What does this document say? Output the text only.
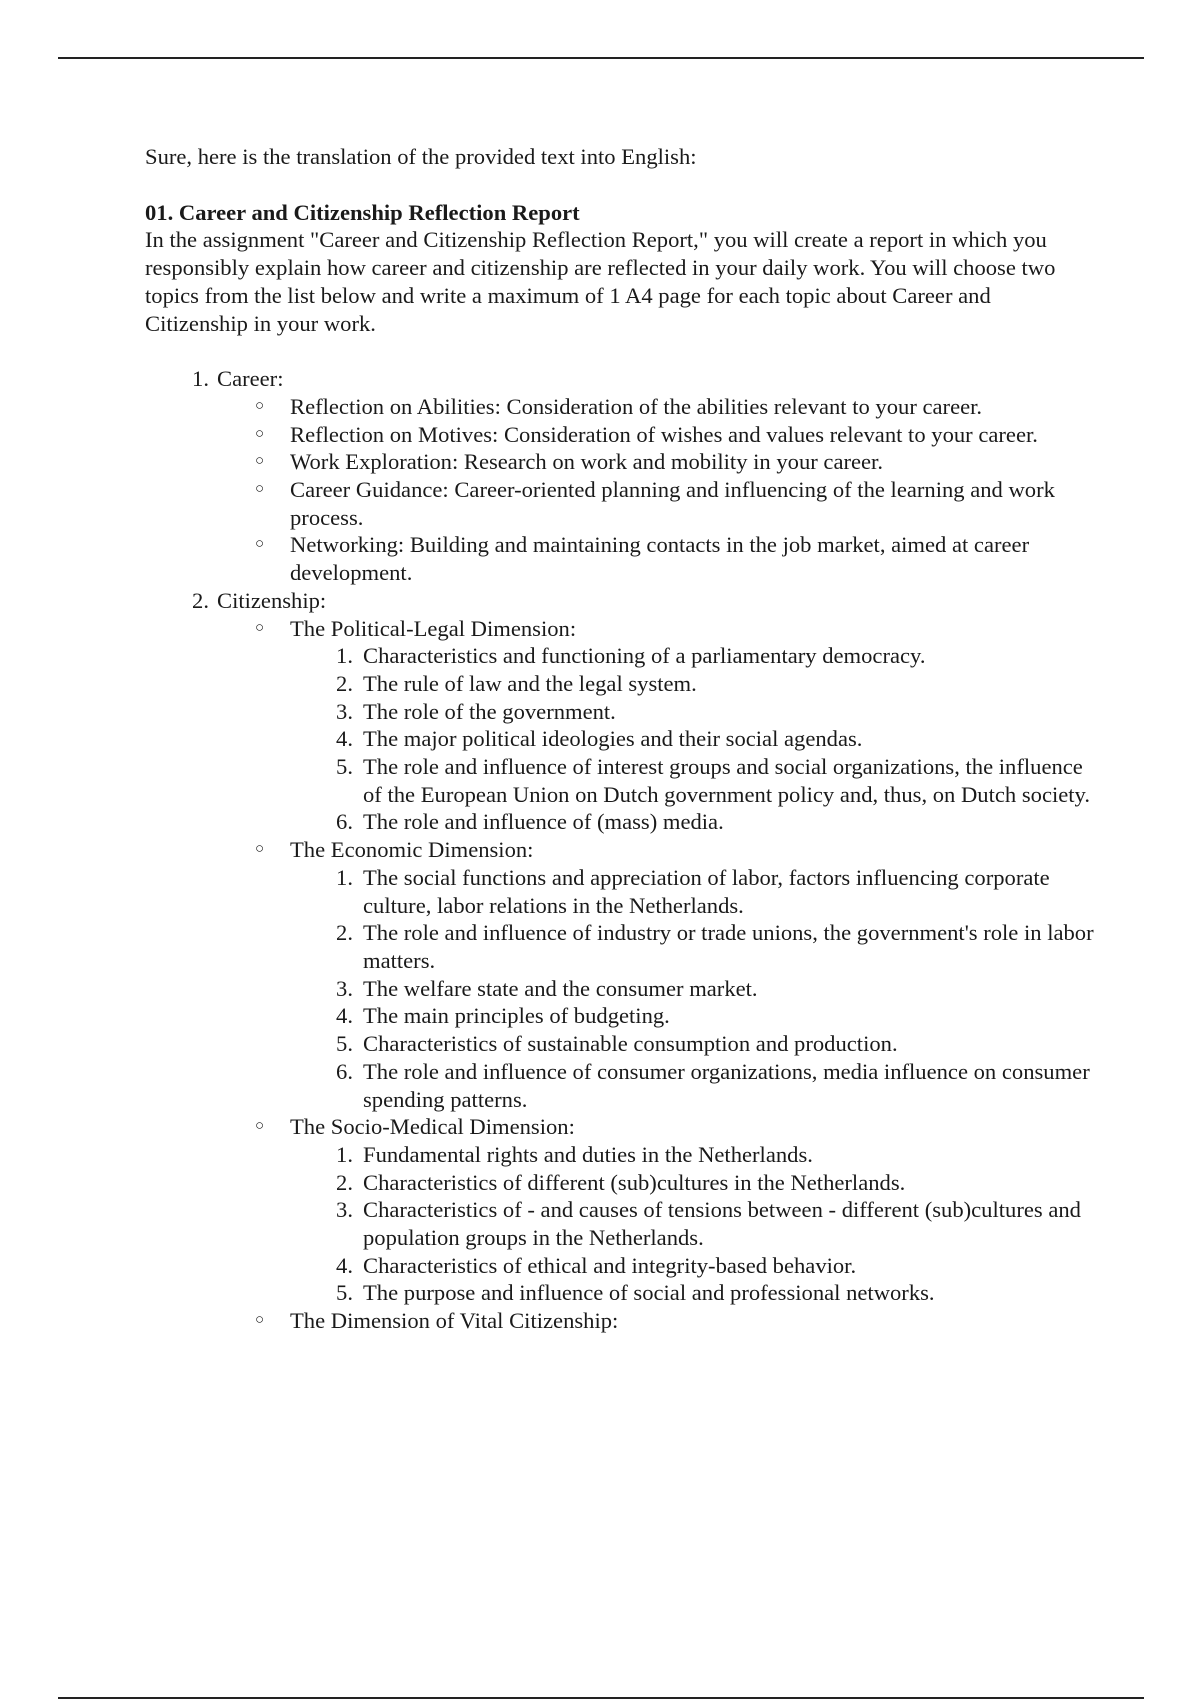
Sure, here is the translation of the provided text into English:

01. Career and Citizenship Reflection Report

In the assignment "Career and Citizenship Reflection Report," you will create a report in which you responsibly explain how career and citizenship are reflected in your daily work. You will choose two topics from the list below and write a maximum of 1 A4 page for each topic about Career and Citizenship in your work.

1. Career:
○ Reflection on Abilities: Consideration of the abilities relevant to your career.
○ Reflection on Motives: Consideration of wishes and values relevant to your career.
○ Work Exploration: Research on work and mobility in your career.
○ Career Guidance: Career-oriented planning and influencing of the learning and work process.
○ Networking: Building and maintaining contacts in the job market, aimed at career development.
2. Citizenship:
○ The Political-Legal Dimension:
1. Characteristics and functioning of a parliamentary democracy.
2. The rule of law and the legal system.
3. The role of the government.
4. The major political ideologies and their social agendas.
5. The role and influence of interest groups and social organizations, the influence of the European Union on Dutch government policy and, thus, on Dutch society.
6. The role and influence of (mass) media.
○ The Economic Dimension:
1. The social functions and appreciation of labor, factors influencing corporate culture, labor relations in the Netherlands.
2. The role and influence of industry or trade unions, the government's role in labor matters.
3. The welfare state and the consumer market.
4. The main principles of budgeting.
5. Characteristics of sustainable consumption and production.
6. The role and influence of consumer organizations, media influence on consumer spending patterns.
○ The Socio-Medical Dimension:
1. Fundamental rights and duties in the Netherlands.
2. Characteristics of different (sub)cultures in the Netherlands.
3. Characteristics of - and causes of tensions between - different (sub)cultures and population groups in the Netherlands.
4. Characteristics of ethical and integrity-based behavior.
5. The purpose and influence of social and professional networks.
○ The Dimension of Vital Citizenship:
